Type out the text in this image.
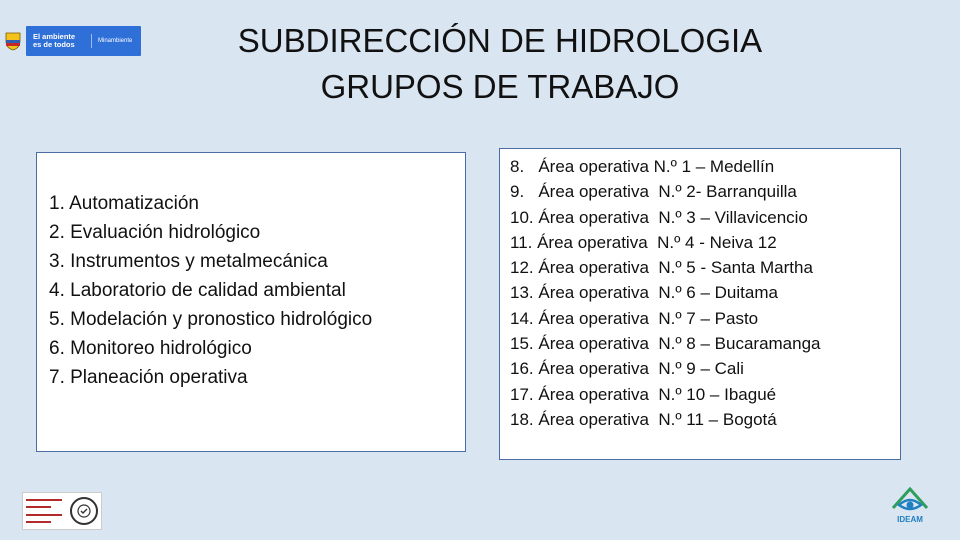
El ambiente
es de todos	Minambiente	SUBDIRECCIÓN DE HIDROLOGIA
GRUPOS DE TRABAJO
1. Automatización
2. Evaluación hidrológico
3. Instrumentos y metalmecánica
4. Laboratorio de calidad ambiental
5. Modelación y pronostico hidrológico
6. Monitoreo hidrológico
7. Planeación operativa
8.   Área operativa N.º 1 – Medellín
9.   Área operativa  N.º 2- Barranquilla
10. Área operativa  N.º 3 – Villavicencio
11. Área operativa  N.º 4 - Neiva 12
12. Área operativa  N.º 5 - Santa Martha
13. Área operativa  N.º 6 – Duitama
14. Área operativa  N.º 7 – Pasto
15. Área operativa  N.º 8 – Bucaramanga
16. Área operativa  N.º 9 – Cali
17. Área operativa  N.º 10 – Ibagué
18. Área operativa  N.º 11 – Bogotá
IDEAM
